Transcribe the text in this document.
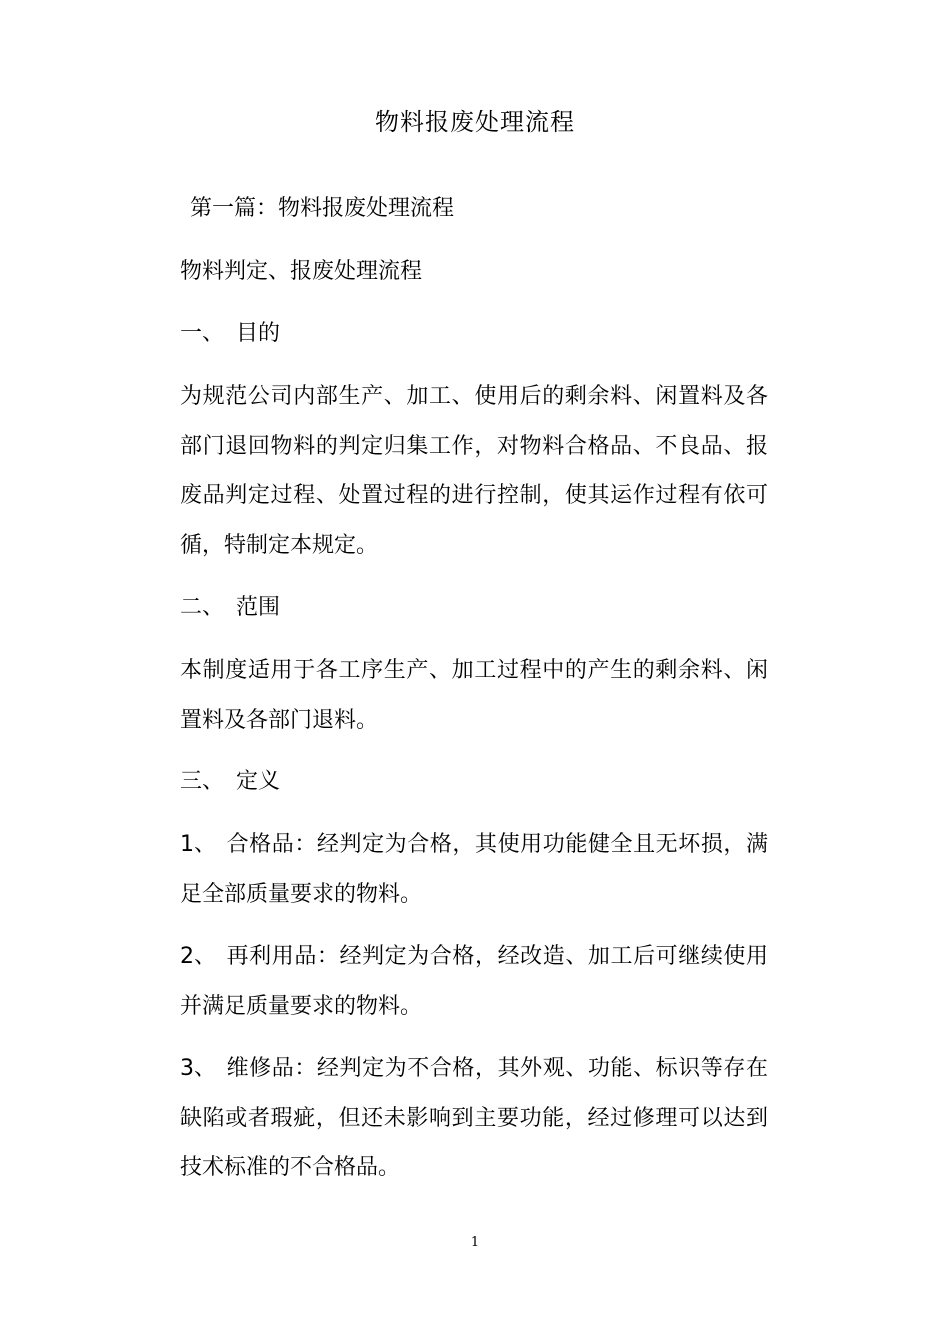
物料报废处理流程
第一篇：物料报废处理流程
物料判定、报废处理流程
一、 目的
为规范公司内部生产、加工、使用后的剩余料、闲置料及各部门退回物料的判定归集工作，对物料合格品、不良品、报废品判定过程、处置过程的进行控制，使其运作过程有依可循，特制定本规定。
二、 范围
本制度适用于各工序生产、加工过程中的产生的剩余料、闲置料及各部门退料。
三、 定义
1、 合格品：经判定为合格，其使用功能健全且无坏损，满足全部质量要求的物料。
2、 再利用品：经判定为合格，经改造、加工后可继续使用并满足质量要求的物料。
3、 维修品：经判定为不合格，其外观、功能、标识等存在缺陷或者瑕疵，但还未影响到主要功能，经过修理可以达到技术标准的不合格品。
1
